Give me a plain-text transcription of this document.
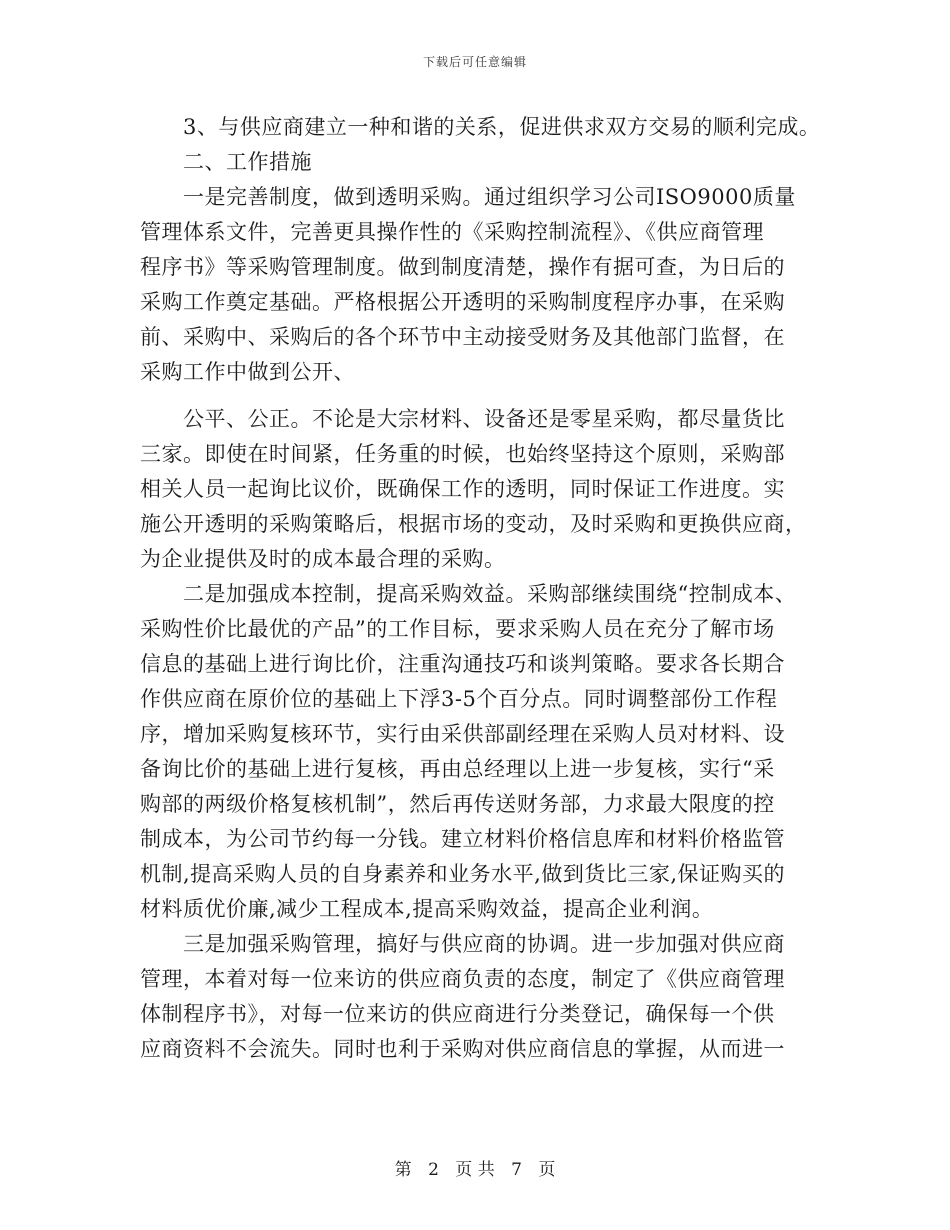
下载后可任意编辑
　　3、与供应商建立一种和谐的关系，促进供求双方交易的顺利完成。
　　二、工作措施
　　一是完善制度，做到透明采购。通过组织学习公司ISO9000质量
管理体系文件，完善更具操作性的《采购控制流程》、《供应商管理
程序书》等采购管理制度。做到制度清楚，操作有据可查，为日后的
采购工作奠定基础。严格根据公开透明的采购制度程序办事，在采购
前、采购中、采购后的各个环节中主动接受财务及其他部门监督，在
采购工作中做到公开、
　　公平、公正。不论是大宗材料、设备还是零星采购，都尽量货比
三家。即使在时间紧，任务重的时候，也始终坚持这个原则，采购部
相关人员一起询比议价，既确保工作的透明，同时保证工作进度。实
施公开透明的采购策略后，根据市场的变动，及时采购和更换供应商，
为企业提供及时的成本最合理的采购。
　　二是加强成本控制，提高采购效益。采购部继续围绕“控制成本、
采购性价比最优的产品”的工作目标，要求采购人员在充分了解市场
信息的基础上进行询比价，注重沟通技巧和谈判策略。要求各长期合
作供应商在原价位的基础上下浮3-5个百分点。同时调整部份工作程
序，增加采购复核环节，实行由采供部副经理在采购人员对材料、设
备询比价的基础上进行复核，再由总经理以上进一步复核，实行“采
购部的两级价格复核机制”，然后再传送财务部，力求最大限度的控
制成本，为公司节约每一分钱。建立材料价格信息库和材料价格监管
机制,提高采购人员的自身素养和业务水平,做到货比三家,保证购买的
材料质优价廉,减少工程成本,提高采购效益，提高企业利润。
　　三是加强采购管理，搞好与供应商的协调。进一步加强对供应商
管理，本着对每一位来访的供应商负责的态度，制定了《供应商管理
体制程序书》，对每一位来访的供应商进行分类登记，确保每一个供
应商资料不会流失。同时也利于采购对供应商信息的掌握，从而进一
第 2 页 共 7 页
